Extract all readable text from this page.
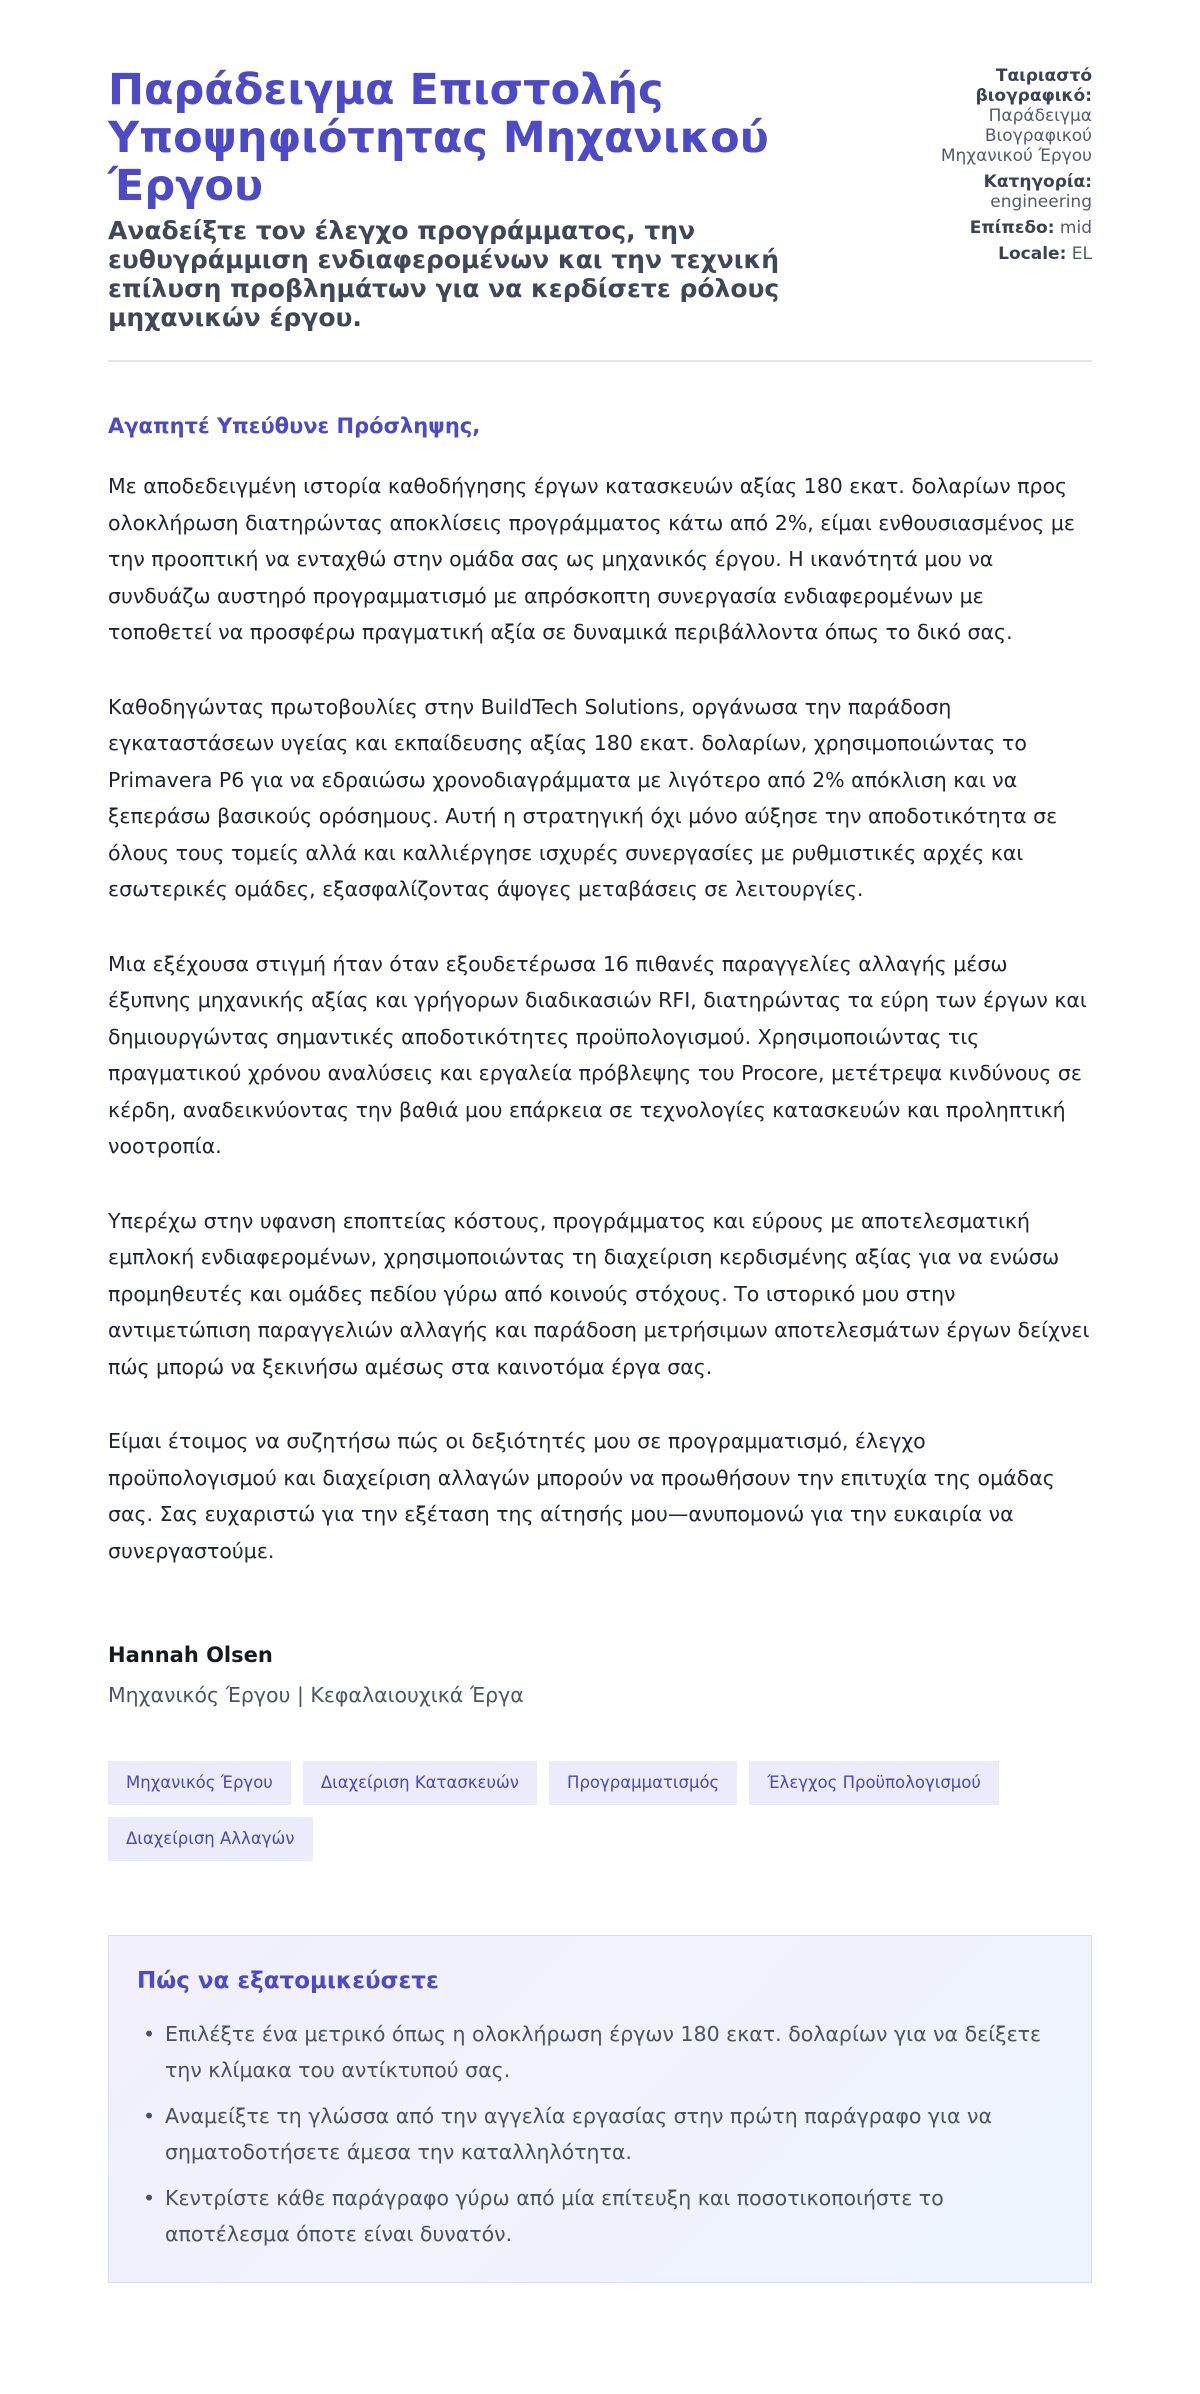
Παράδειγμα Επιστολής Υποψηφιότητας Μηχανικού Έργου

Αναδείξτε τον έλεγχο προγράμματος, την ευθυγράμμιση ενδιαφερομένων και την τεχνική επίλυση προβλημάτων για να κερδίσετε ρόλους μηχανικών έργου.

Ταιριαστό βιογραφικό: Παράδειγμα Βιογραφικού Μηχανικού Έργου
Κατηγορία:
engineering
Επίπεδο: mid
Locale: EL

Αγαπητέ Υπεύθυνε Πρόσληψης,

Με αποδεδειγμένη ιστορία καθοδήγησης έργων κατασκευών αξίας 180 εκατ. δολαρίων προς ολοκλήρωση διατηρώντας αποκλίσεις προγράμματος κάτω από 2%, είμαι ενθουσιασμένος με την προοπτική να ενταχθώ στην ομάδα σας ως μηχανικός έργου. Η ικανότητά μου να συνδυάζω αυστηρό προγραμματισμό με απρόσκοπτη συνεργασία ενδιαφερομένων με τοποθετεί να προσφέρω πραγματική αξία σε δυναμικά περιβάλλοντα όπως το δικό σας.

Καθοδηγώντας πρωτοβουλίες στην BuildTech Solutions, οργάνωσα την παράδοση εγκαταστάσεων υγείας και εκπαίδευσης αξίας 180 εκατ. δολαρίων, χρησιμοποιώντας το Primavera P6 για να εδραιώσω χρονοδιαγράμματα με λιγότερο από 2% απόκλιση και να ξεπεράσω βασικούς ορόσημους. Αυτή η στρατηγική όχι μόνο αύξησε την αποδοτικότητα σε όλους τους τομείς αλλά και καλλιέργησε ισχυρές συνεργασίες με ρυθμιστικές αρχές και εσωτερικές ομάδες, εξασφαλίζοντας άψογες μεταβάσεις σε λειτουργίες.

Μια εξέχουσα στιγμή ήταν όταν εξουδετέρωσα 16 πιθανές παραγγελίες αλλαγής μέσω έξυπνης μηχανικής αξίας και γρήγορων διαδικασιών RFI, διατηρώντας τα εύρη των έργων και δημιουργώντας σημαντικές αποδοτικότητες προϋπολογισμού. Χρησιμοποιώντας τις πραγματικού χρόνου αναλύσεις και εργαλεία πρόβλεψης του Procore, μετέτρεψα κινδύνους σε κέρδη, αναδεικνύοντας την βαθιά μου επάρκεια σε τεχνολογίες κατασκευών και προληπτική νοοτροπία.

Υπερέχω στην υφανση εποπτείας κόστους, προγράμματος και εύρους με αποτελεσματική εμπλοκή ενδιαφερομένων, χρησιμοποιώντας τη διαχείριση κερδισμένης αξίας για να ενώσω προμηθευτές και ομάδες πεδίου γύρω από κοινούς στόχους. Το ιστορικό μου στην αντιμετώπιση παραγγελιών αλλαγής και παράδοση μετρήσιμων αποτελεσμάτων έργων δείχνει πώς μπορώ να ξεκινήσω αμέσως στα καινοτόμα έργα σας.

Είμαι έτοιμος να συζητήσω πώς οι δεξιότητές μου σε προγραμματισμό, έλεγχο προϋπολογισμού και διαχείριση αλλαγών μπορούν να προωθήσουν την επιτυχία της ομάδας σας. Σας ευχαριστώ για την εξέταση της αίτησής μου—ανυπομονώ για την ευκαιρία να συνεργαστούμε.

Hannah Olsen

Μηχανικός Έργου | Κεφαλαιουχικά Έργα

Μηχανικός Έργου	Διαχείριση Κατασκευών	Προγραμματισμός	Έλεγχος Προϋπολογισμού
Διαχείριση Αλλαγών
Πώς να εξατομικεύσετε
• Επιλέξτε ένα μετρικό όπως η ολοκλήρωση έργων 180 εκατ. δολαρίων για να δείξετε την κλίμακα του αντίκτυπού σας.
• Αναμείξτε τη γλώσσα από την αγγελία εργασίας στην πρώτη παράγραφο για να σηματοδοτήσετε άμεσα την καταλληλότητα.
• Κεντρίστε κάθε παράγραφο γύρω από μία επίτευξη και ποσοτικοποιήστε το αποτέλεσμα όποτε είναι δυνατόν.
